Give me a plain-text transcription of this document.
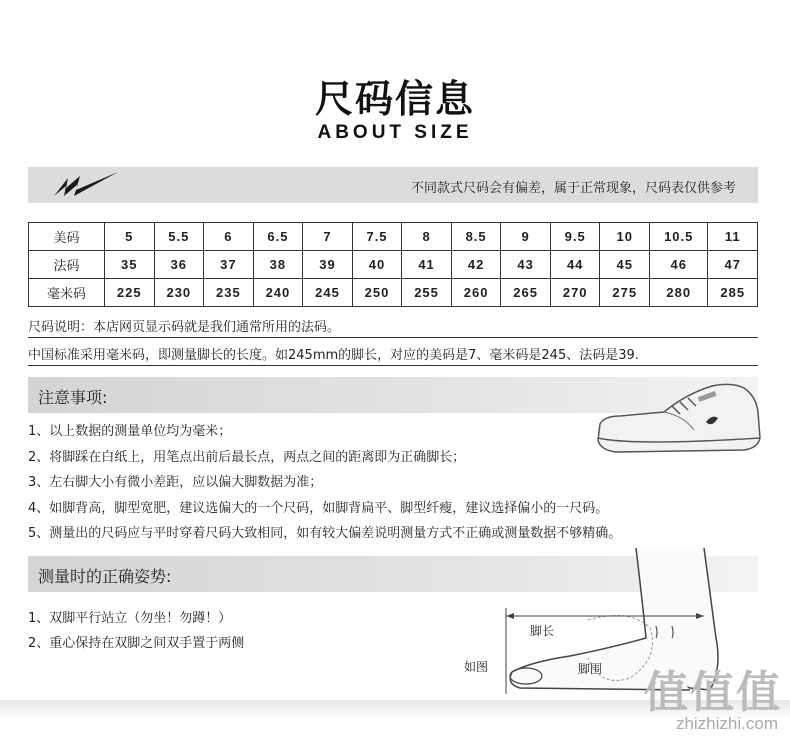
尺码信息
ABOUT SIZE
不同款式尺码会有偏差，属于正常现象，尺码表仅供参考
美码	5	5.5	6	6.5	7	7.5	8	8.5	9	9.5	10	10.5	11
法码	35	36	37	38	39	40	41	42	43	44	45	46	47
毫米码	225	230	235	240	245	250	255	260	265	270	275	280	285
尺码说明：本店网页显示码就是我们通常所用的法码。
中国标准采用毫米码，即测量脚长的长度。如245mm的脚长，对应的美码是7、毫米码是245、法码是39.
注意事项:
1、以上数据的测量单位均为毫米；
2、将脚踩在白纸上，用笔点出前后最长点，两点之间的距离即为正确脚长；
3、左右脚大小有微小差距，应以偏大脚数据为准；
4、如脚背高，脚型宽肥，建议选偏大的一个尺码，如脚背扁平、脚型纤瘦，建议选择偏小的一尺码。
5、测量出的尺码应与平时穿着尺码大致相同，如有较大偏差说明测量方式不正确或测量数据不够精确。
测量时的正确姿势:
1、双脚平行站立（勿坐！勿蹲！）
2、重心保持在双脚之间双手置于两侧
脚长
脚围
如图	值值值
zhizhizhi.com
